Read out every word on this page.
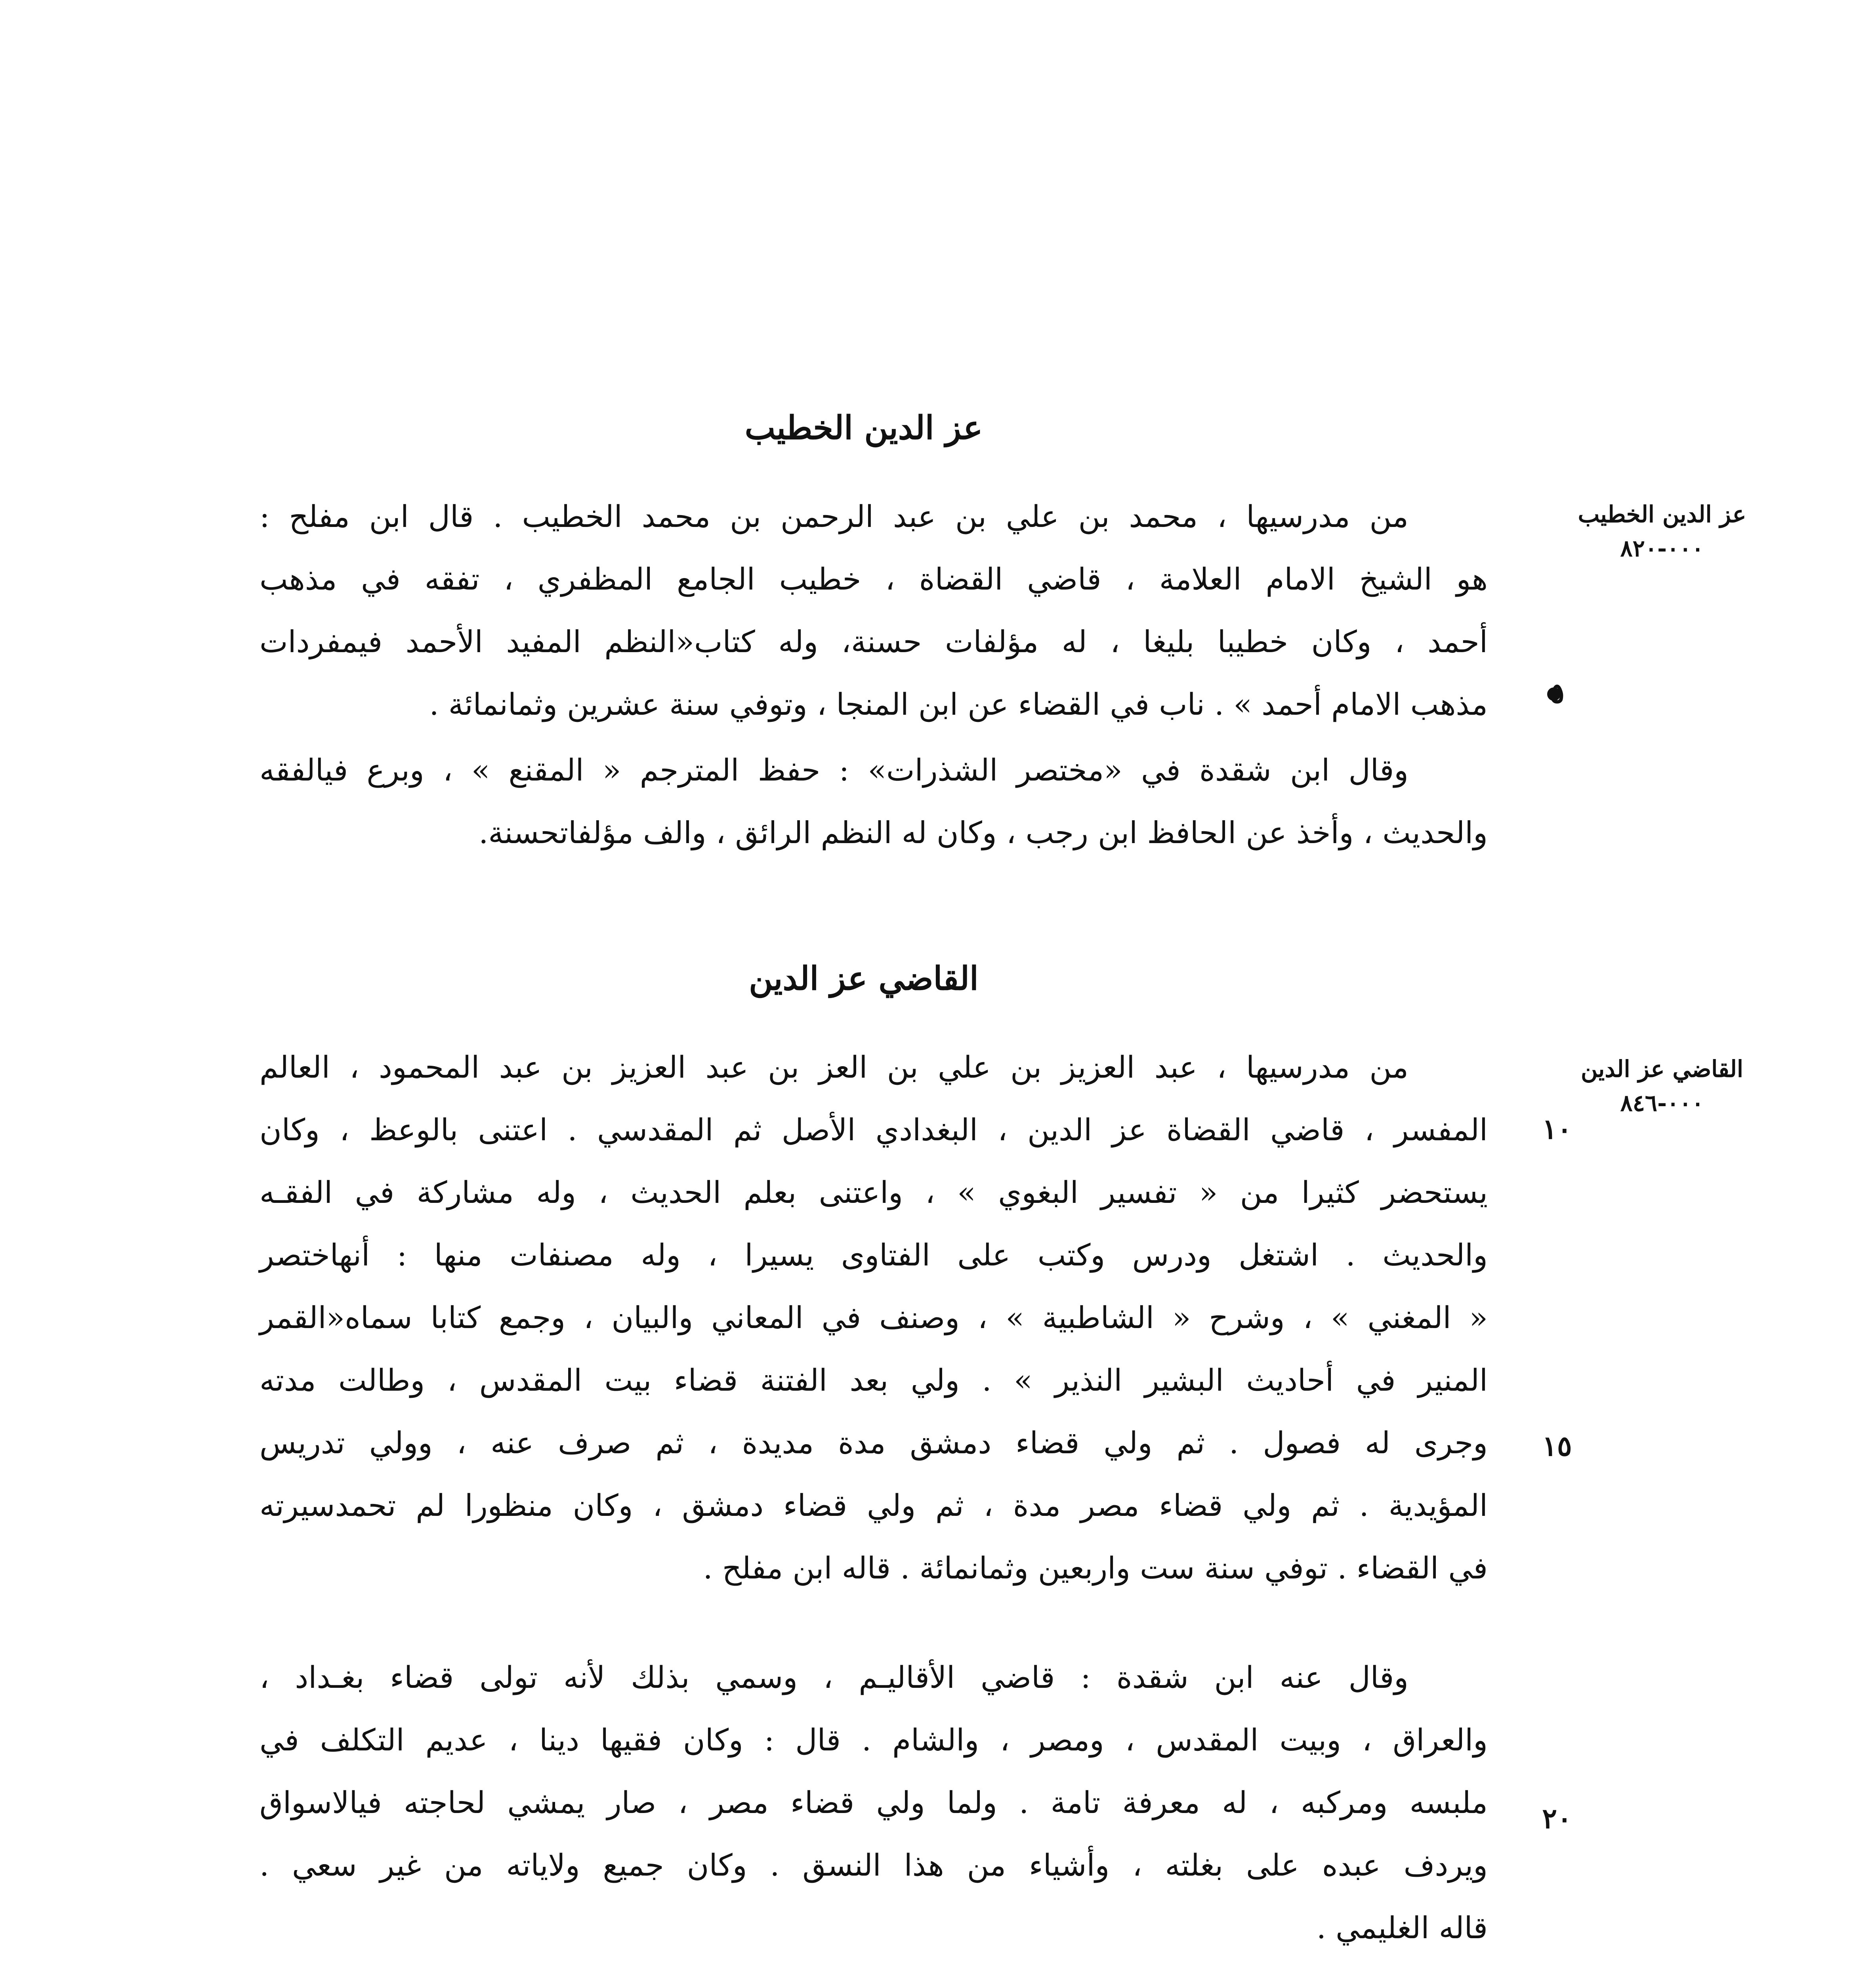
عز الدين الخطيب
عز الدين الخطيب
٠٠٠-٨٢٠
من مدرسيها ، محمد بن علي بن عبد الرحمن بن محمد الخطيب . قال ابن مفلح :
هو الشيخ الامام العلامة ، قاضي القضاة ، خطيب الجامع المظفري ، تفقه في مذهب
أحمد ، وكان خطيبا بليغا ، له مؤلفات حسنة، وله كتاب«النظم المفيد الأحمد فيمفردات
مذهب الامام أحمد » . ناب في القضاء عن ابن المنجا ، وتوفي سنة عشرين وثمانمائة .
وقال ابن شقدة في «مختصر الشذرات» : حفظ المترجم « المقنع » ، وبرع فيالفقه
والحديث ، وأخذ عن الحافظ ابن رجب ، وكان له النظم الرائق ، والف مؤلفاتحسنة.
القاضي عز الدين
القاضي عز الدين
٠٠٠-٨٤٦
من مدرسيها ، عبد العزيز بن علي بن العز بن عبد العزيز بن عبد المحمود ، العالم
المفسر ، قاضي القضاة عز الدين ، البغدادي الأصل ثم المقدسي . اعتنى بالوعظ ، وكان
يستحضر كثيرا من « تفسير البغوي » ، واعتنى بعلم الحديث ، وله مشاركة في الفقـه
والحديث . اشتغل ودرس وكتب على الفتاوى يسيرا ، وله مصنفات منها : أنهاختصر
« المغني » ، وشرح « الشاطبية » ، وصنف في المعاني والبيان ، وجمع كتابا سماه«القمر
المنير في أحاديث البشير النذير » . ولي بعد الفتنة قضاء بيت المقدس ، وطالت مدته
وجرى له فصول . ثم ولي قضاء دمشق مدة مديدة ، ثم صرف عنه ، وولي تدريس
المؤيدية . ثم ولي قضاء مصر مدة ، ثم ولي قضاء دمشق ، وكان منظورا لم تحمدسيرته
في القضاء . توفي سنة ست واربعين وثمانمائة . قاله ابن مفلح .
وقال عنه ابن شقدة : قاضي الأقاليـم ، وسمي بذلك لأنه تولى قضاء بغـداد ،
والعراق ، وبيت المقدس ، ومصر ، والشام . قال : وكان فقيها دينا ، عديم التكلف في
ملبسه ومركبه ، له معرفة تامة . ولما ولي قضاء مصر ، صار يمشي لحاجته فيالاسواق
ويردف عبده على بغلته ، وأشياء من هذا النسق . وكان جميع ولاياته من غير سعي .
قاله الغليمي .
٥
١٠
١٥
٢٠
